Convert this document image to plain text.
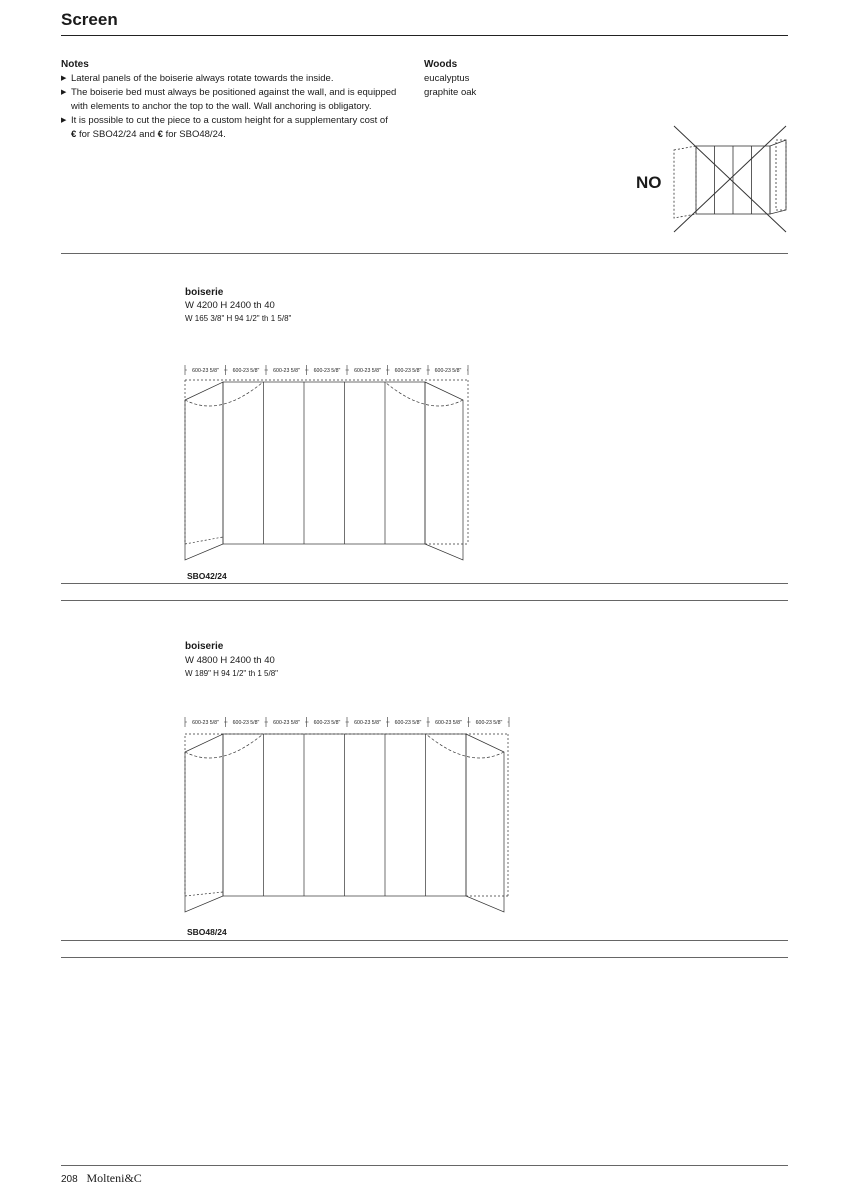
Screen
Notes
▶ Lateral panels of the boiserie always rotate towards the inside.
▶ The boiserie bed must always be positioned against the wall, and is equipped with elements to anchor the top to the wall. Wall anchoring is obligatory.
▶ It is possible to cut the piece to a custom height for a supplementary cost of
€ for SBO42/24 and € for SBO48/24.
Woods
eucalyptus
graphite oak
NO
boiserie
W 4200 H 2400 th 40
W 165 3/8" H 94 1/2" th 1 5/8"
600-23 5/8"	600-23 5/8"	600-23 5/8"	600-23 5/8"	600-23 5/8"	600-23 5/8"	600-23 5/8"
SBO42/24
boiserie
W 4800 H 2400 th 40
W 189" H 94 1/2" th 1 5/8"
600-23 5/8"	600-23 5/8"	600-23 5/8"	600-23 5/8"	600-23 5/8"	600-23 5/8"	600-23 5/8"	600-23 5/8"
SBO48/24
208 Molteni&C
